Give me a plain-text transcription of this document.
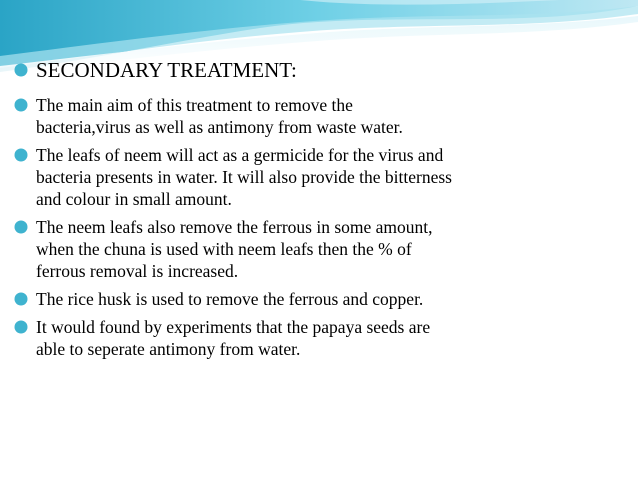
SECONDARY TREATMENT:
The main aim of this treatment to remove the
bacteria,virus as well as antimony from waste water.
The leafs of neem will act as a germicide for the virus and
bacteria presents in water. It will also provide the bitterness
and colour in small amount.
The neem leafs also remove the ferrous in some amount,
when the chuna is used with neem leafs then the % of
ferrous removal is increased.
The rice husk is used to remove the ferrous and copper.
It would found by experiments that the papaya seeds are
able to seperate antimony from water.
